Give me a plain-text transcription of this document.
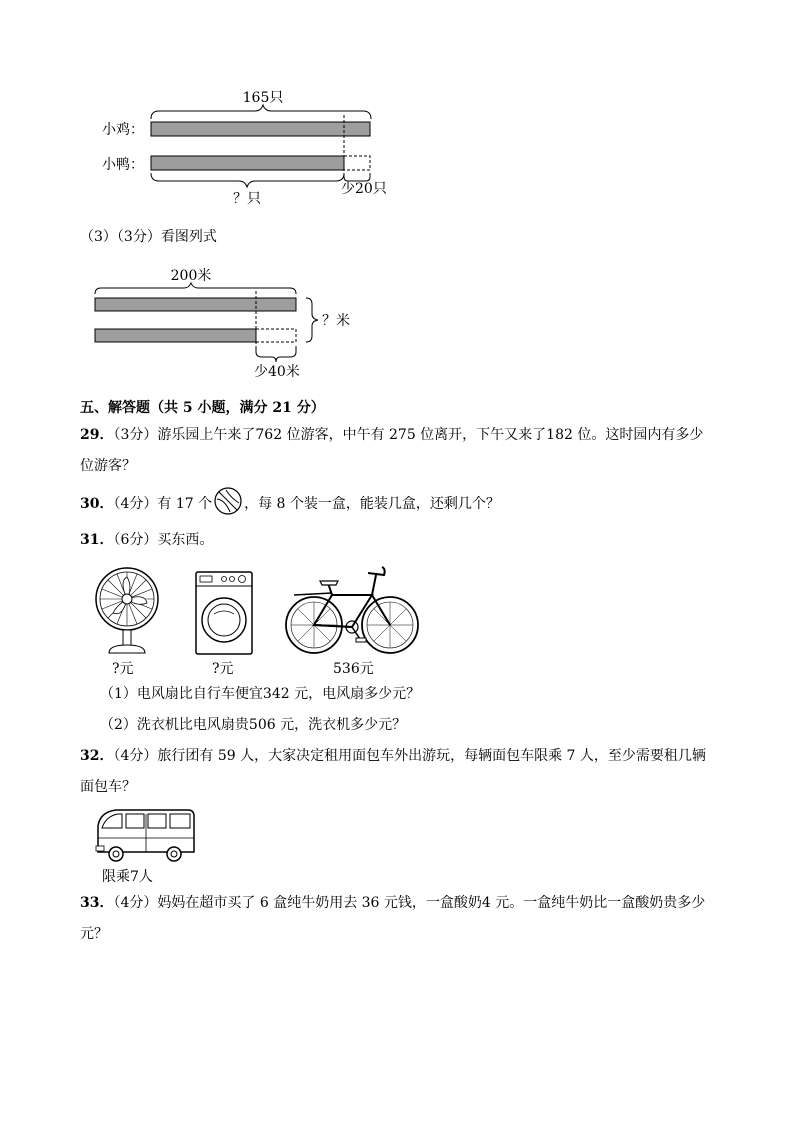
165只
小鸡：
小鸭：
？只
少20只
（3）（3分）看图列式
200米
？米
少40米
五、解答题（共 5 小题，满分 21 分）
29．（3分）游乐园上午来了762 位游客，中午有 275 位离开，下午又来了182 位。这时园内有多少
位游客？
30．（4分）有 17 个 ，每 8 个装一盒，能装几盒，还剩几个？
31．（6分）买东西。
?元	?元	536元
（1）电风扇比自行车便宜342 元，电风扇多少元？
（2）洗衣机比电风扇贵506 元，洗衣机多少元？
32．（4分）旅行团有 59 人，大家决定租用面包车外出游玩，每辆面包车限乘 7 人，至少需要租几辆
面包车？
限乘7人
33．（4分）妈妈在超市买了 6 盒纯牛奶用去 36 元钱，一盒酸奶4 元。一盒纯牛奶比一盒酸奶贵多少
元？
